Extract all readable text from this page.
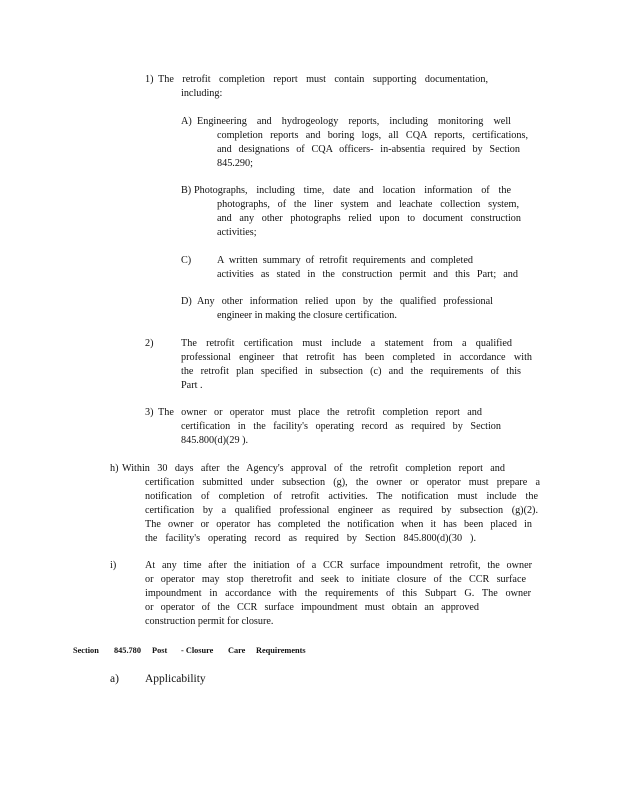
1) The retrofit completion report must contain supporting documentation,
including:
A) Engineering and hydrogeology reports, including monitoring well
completion reports and boring logs, all CQA reports, certifications,
and designations of CQA officers- in-absentia required by Section
845.290;
B) Photographs, including time, date and location information of the
photographs, of the liner system and leachate collection system,
and any other photographs relied upon to document construction
activities;
C)	A written summary of retrofit requirements and completed
activities as stated in the construction permit and this Part; and
D) Any other information relied upon by the qualified professional
engineer in making the closure certification.
2)	The retrofit certification must include a statement from a qualified
professional engineer that retrofit has been completed in accordance with
the retrofit plan specified in subsection (c) and the requirements of this
Part .
3) The owner or operator must place the retrofit completion report and
certification in the facility's operating record as required by Section
845.800(d)(29 ).
h) Within 30 days after the Agency's approval of the retrofit completion report and
certification submitted under subsection (g), the owner or operator must prepare a
notification of completion of retrofit activities. The notification must include the
certification by a qualified professional engineer as required by subsection (g)(2).
The owner or operator has completed the notification when it has been placed in
the facility's operating record as required by Section 845.800(d)(30 ).
i)	At any time after the initiation of a CCR surface impoundment retrofit, the owner
or operator may stop theretrofit and seek to initiate closure of the CCR surface
impoundment in accordance with the requirements of this Subpart G. The owner
or operator of the CCR surface impoundment must obtain an approved
construction permit for closure.
Section 845.780 Post - Closure Care Requirements
a) Applicability
